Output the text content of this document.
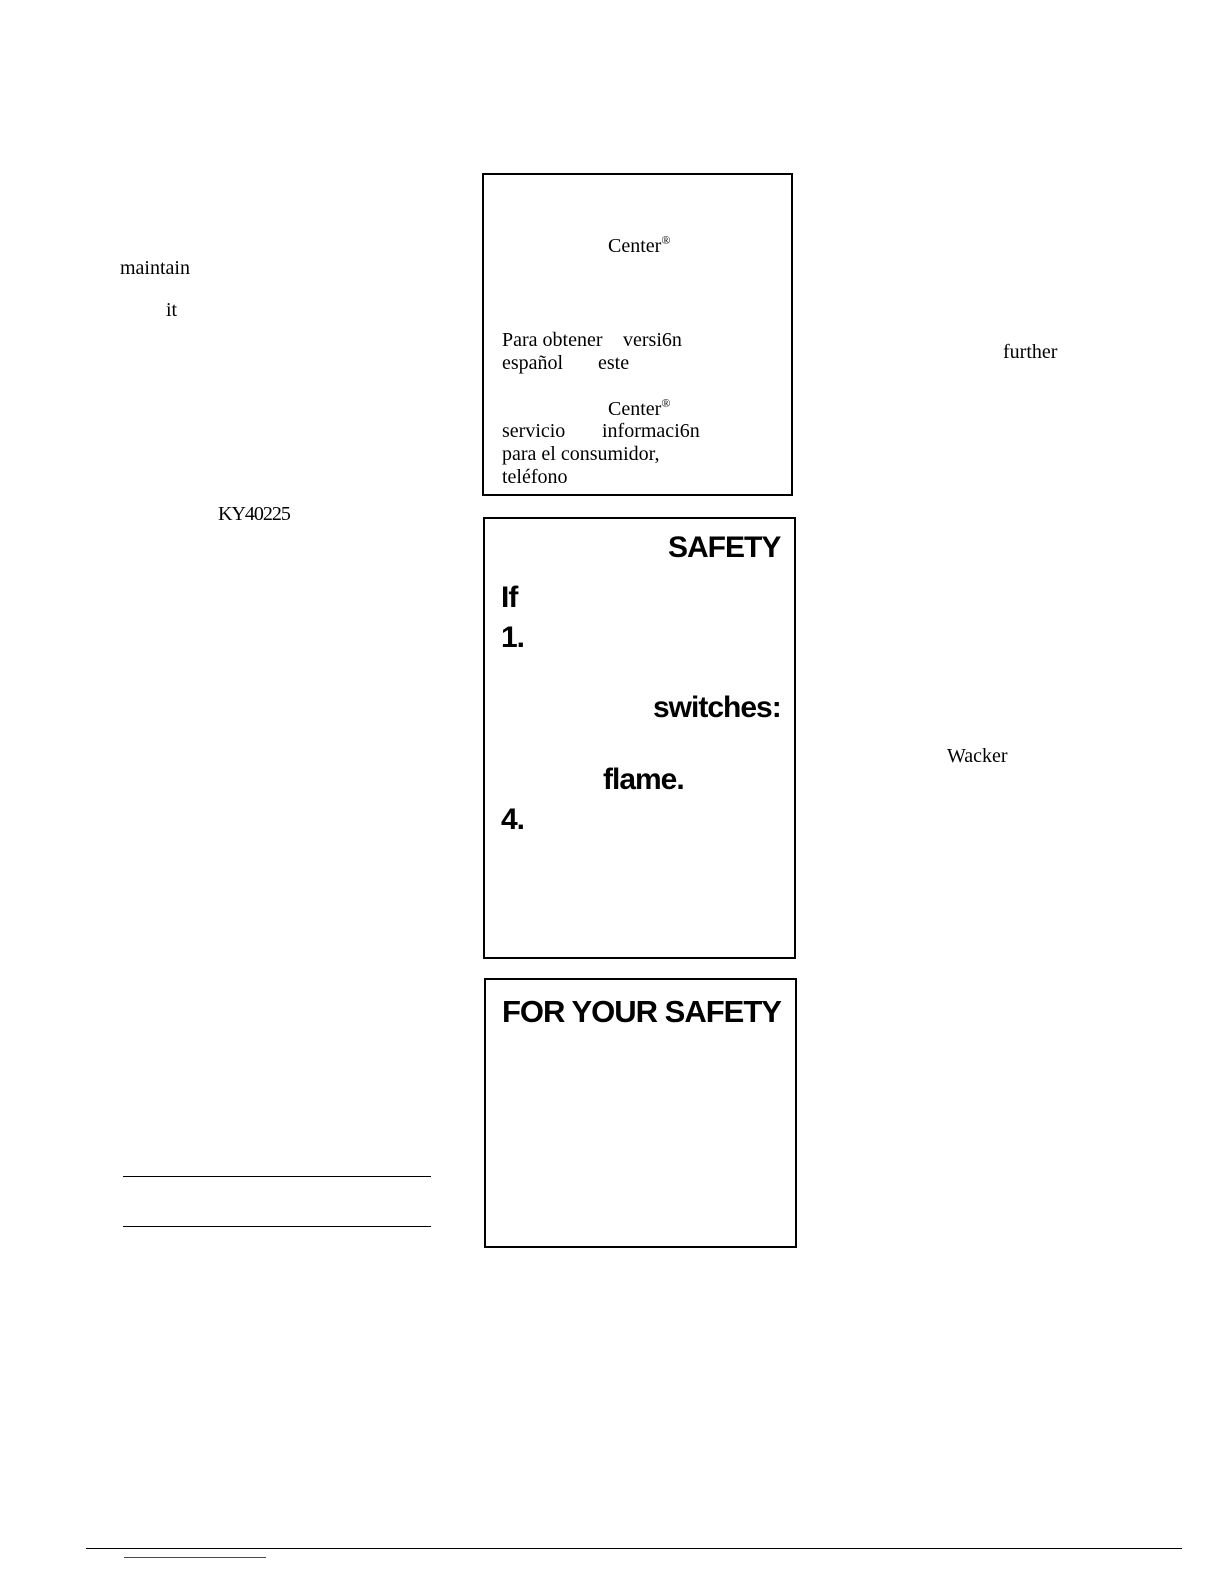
maintain
it
KY40225
Center®
Para obtener versi6n
español este
Center®
servicio informaci6n
para el consumidor,
teléfono
SAFETY
If
1.
switches:
flame.
4.
FOR YOUR SAFETY
further
Wacker
